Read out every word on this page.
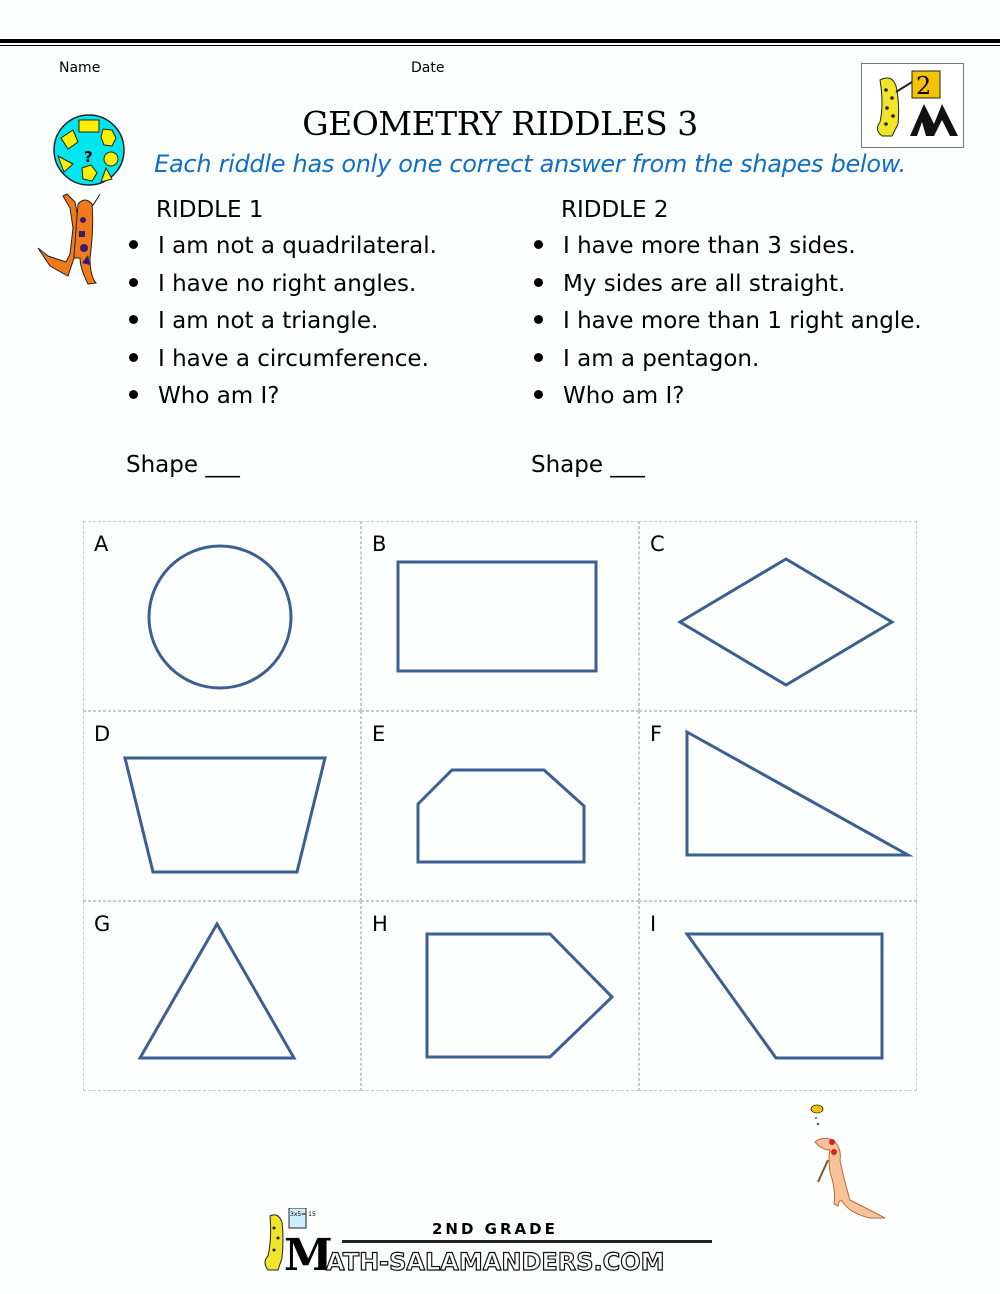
Name	Date
?
GEOMETRY RIDDLES 3
Each riddle has only one correct answer from the shapes below.
2
RIDDLE 1
I am not a quadrilateral.
I have no right angles.
I am not a triangle.
I have a circumference.
Who am I?
Shape ___
RIDDLE 2
I have more than 3 sides.
My sides are all straight.
I have more than 1 right angle.
I am a pentagon.
Who am I?
Shape ___
A	B	C
D	E	F
G	H	I
3x5= 15
M
2ND GRADE
ATH-SALAMANDERS.COM
